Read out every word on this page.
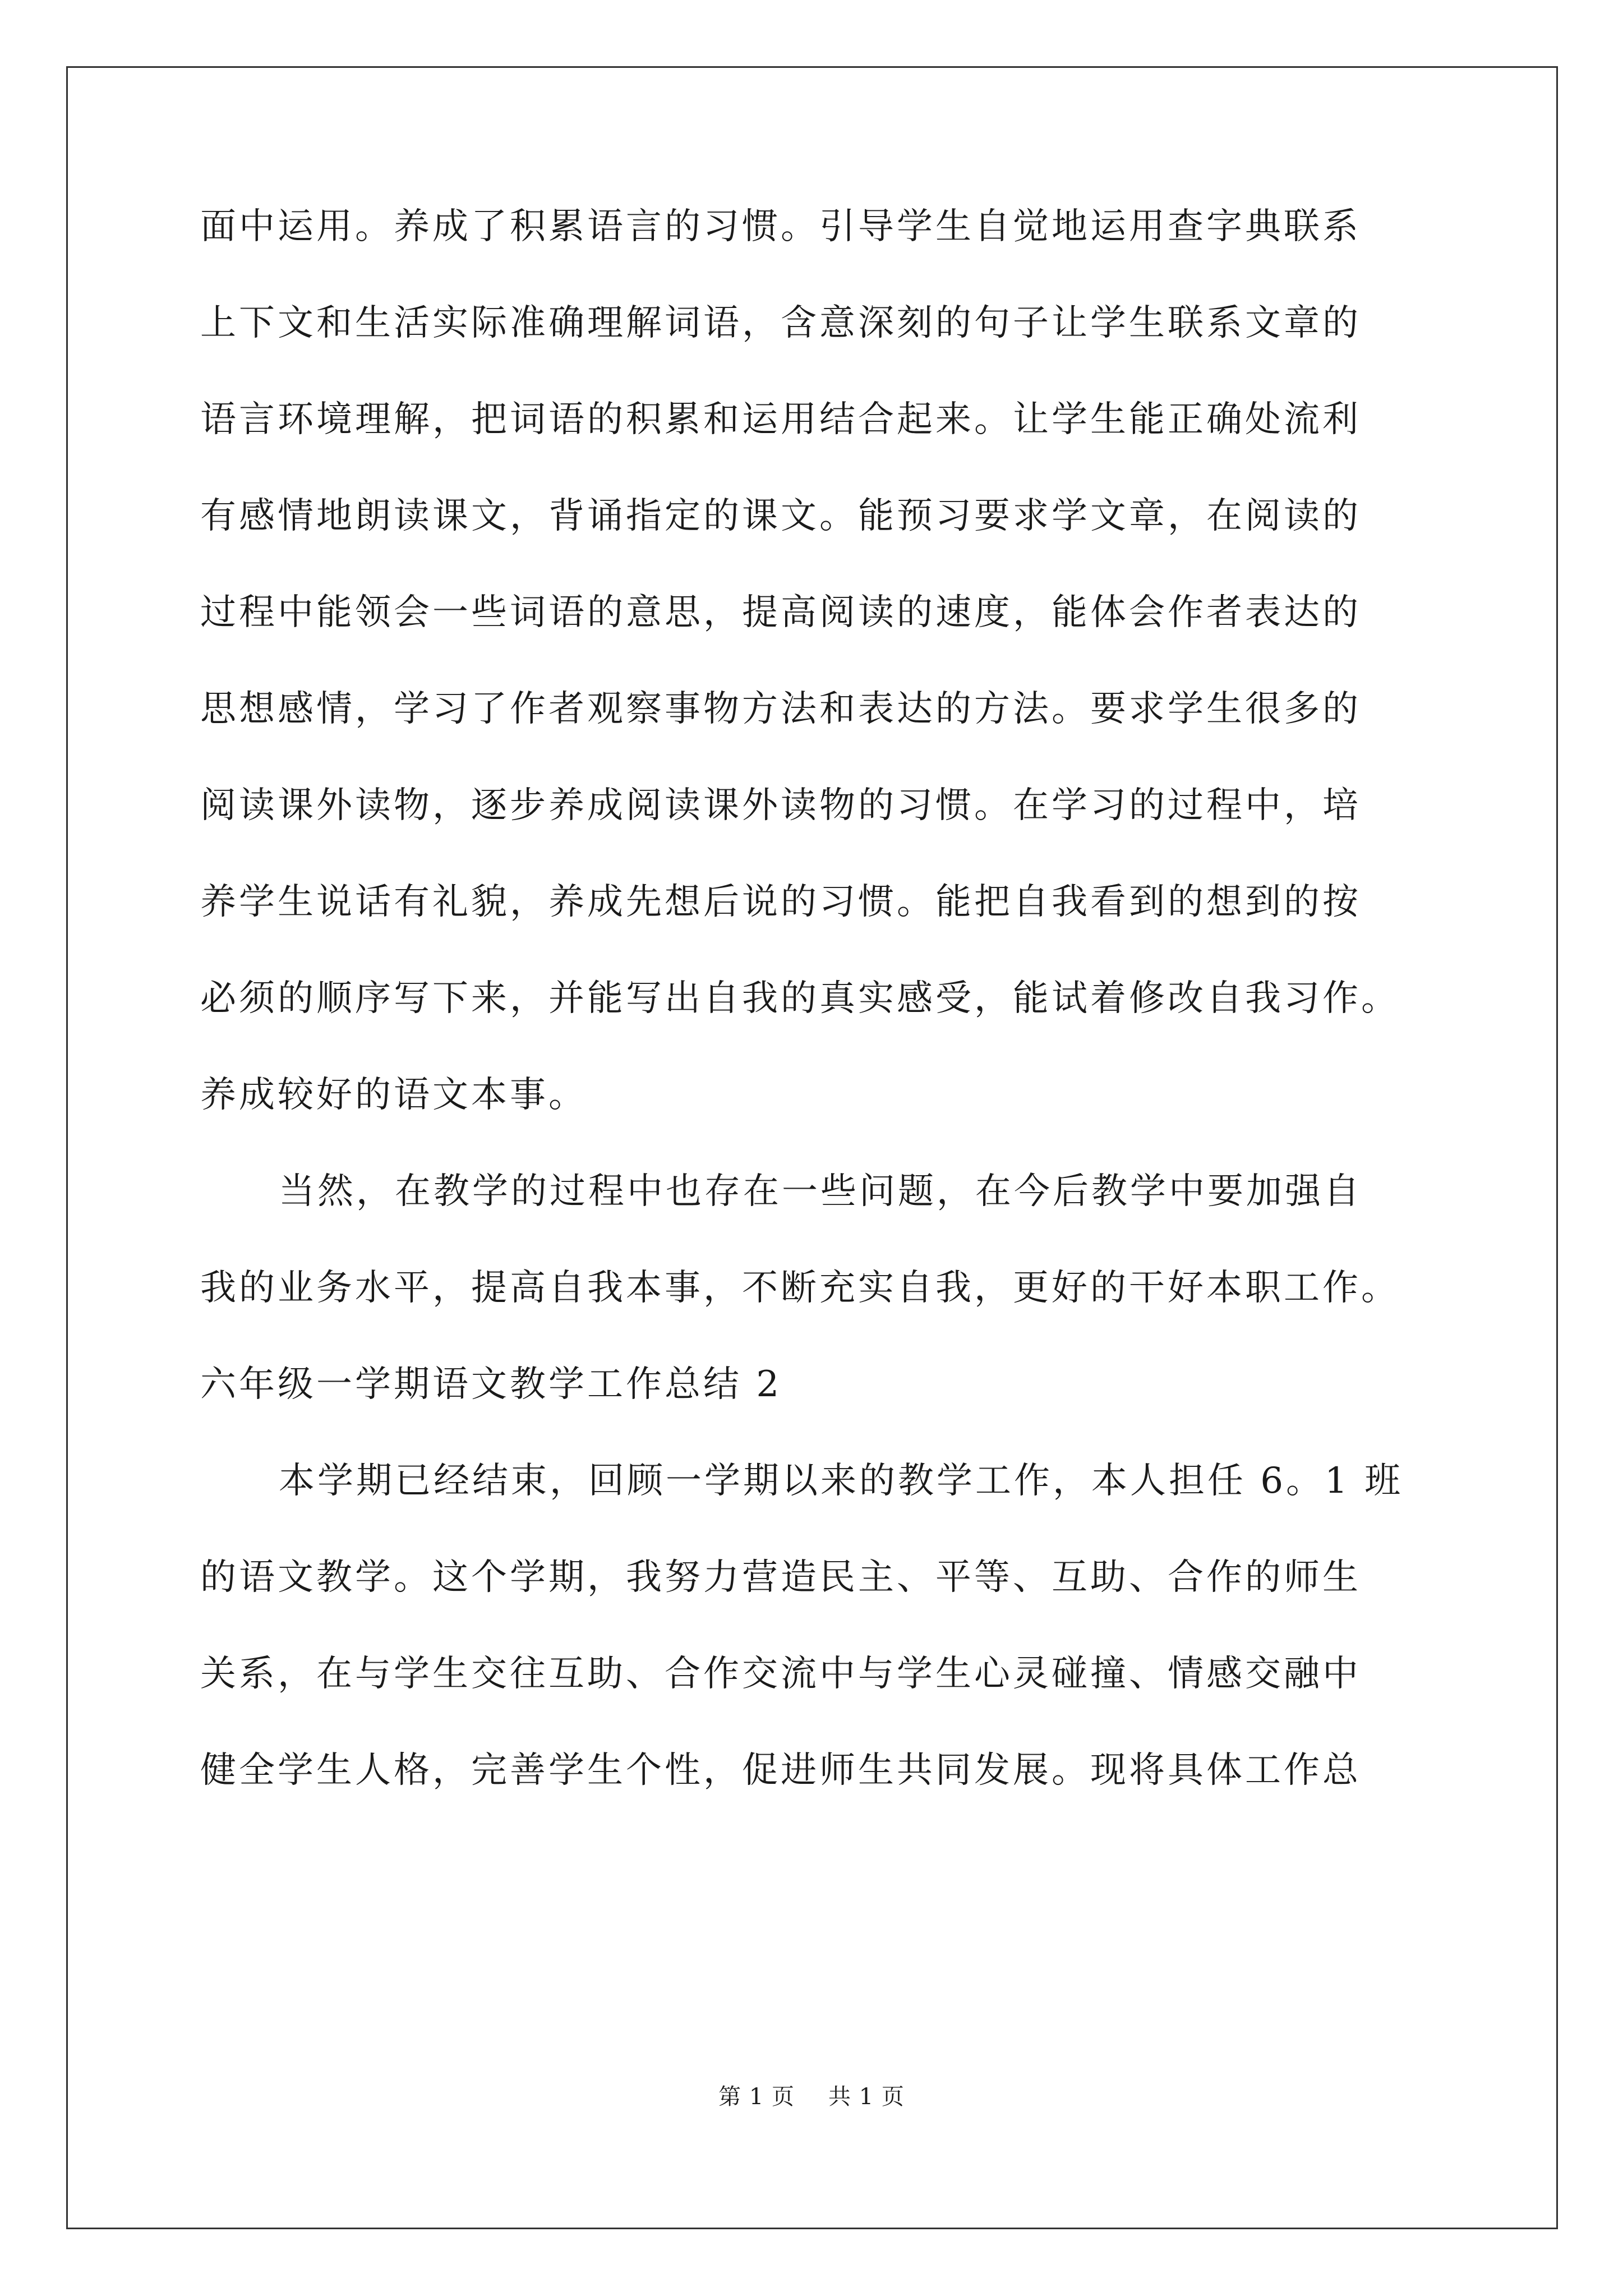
面中运用。养成了积累语言的习惯。引导学生自觉地运用查字典联系
上下文和生活实际准确理解词语，含意深刻的句子让学生联系文章的
语言环境理解，把词语的积累和运用结合起来。让学生能正确处流利
有感情地朗读课文，背诵指定的课文。能预习要求学文章，在阅读的
过程中能领会一些词语的意思，提高阅读的速度，能体会作者表达的
思想感情，学习了作者观察事物方法和表达的方法。要求学生很多的
阅读课外读物，逐步养成阅读课外读物的习惯。在学习的过程中，培
养学生说话有礼貌，养成先想后说的习惯。能把自我看到的想到的按
必须的顺序写下来，并能写出自我的真实感受，能试着修改自我习作。
养成较好的语文本事。
当然，在教学的过程中也存在一些问题，在今后教学中要加强自
我的业务水平，提高自我本事，不断充实自我，更好的干好本职工作。
六年级一学期语文教学工作总结 2
本学期已经结束，回顾一学期以来的教学工作，本人担任 6。1 班
的语文教学。这个学期，我努力营造民主、平等、互助、合作的师生
关系，在与学生交往互助、合作交流中与学生心灵碰撞、情感交融中
健全学生人格，完善学生个性，促进师生共同发展。现将具体工作总
第 1 页 共 1 页
